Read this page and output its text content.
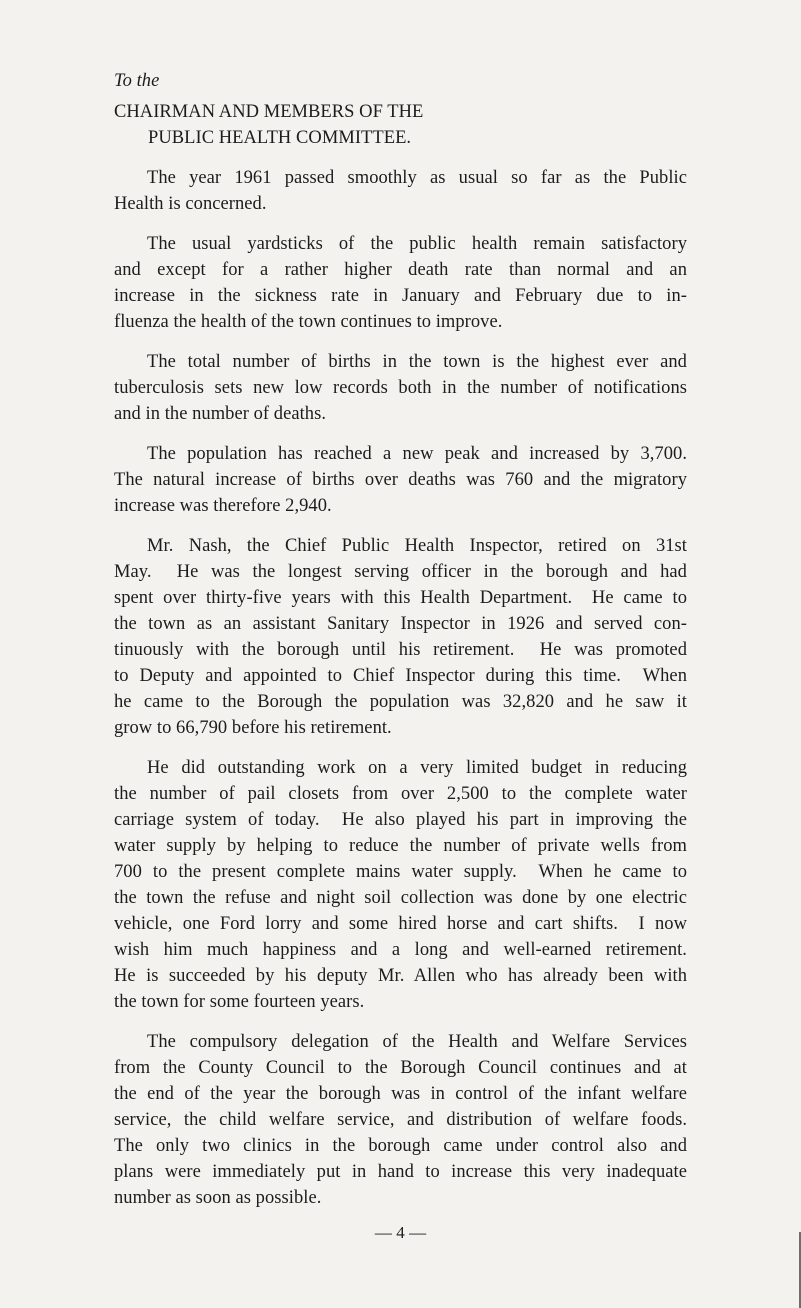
To the
CHAIRMAN AND MEMBERS OF THE
PUBLIC HEALTH COMMITTEE.
The year 1961 passed smoothly as usual so far as the Public
Health is concerned.
The usual yardsticks of the public health remain satisfactory
and except for a rather higher death rate than normal and an
increase in the sickness rate in January and February due to in-
fluenza the health of the town continues to improve.
The total number of births in the town is the highest ever and
tuberculosis sets new low records both in the number of notifications
and in the number of deaths.
The population has reached a new peak and increased by 3,700.
The natural increase of births over deaths was 760 and the migratory
increase was therefore 2,940.
Mr. Nash, the Chief Public Health Inspector, retired on 31st
May.  He was the longest serving officer in the borough and had
spent over thirty-five years with this Health Department.  He came to
the town as an assistant Sanitary Inspector in 1926 and served con-
tinuously with the borough until his retirement.  He was promoted
to Deputy and appointed to Chief Inspector during this time.  When
he came to the Borough the population was 32,820 and he saw it
grow to 66,790 before his retirement.
He did outstanding work on a very limited budget in reducing
the number of pail closets from over 2,500 to the complete water
carriage system of today.  He also played his part in improving the
water supply by helping to reduce the number of private wells from
700 to the present complete mains water supply.  When he came to
the town the refuse and night soil collection was done by one electric
vehicle, one Ford lorry and some hired horse and cart shifts.  I now
wish him much happiness and a long and well-earned retirement.
He is succeeded by his deputy Mr. Allen who has already been with
the town for some fourteen years.
The compulsory delegation of the Health and Welfare Services
from the County Council to the Borough Council continues and at
the end of the year the borough was in control of the infant welfare
service, the child welfare service, and distribution of welfare foods.
The only two clinics in the borough came under control also and
plans were immediately put in hand to increase this very inadequate
number as soon as possible.
— 4 —
